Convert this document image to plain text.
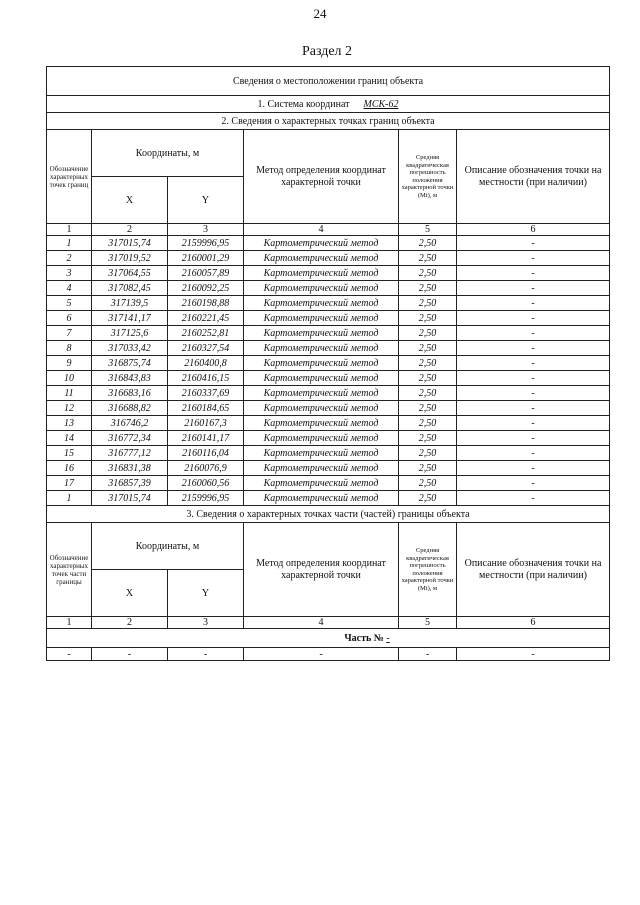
24
Раздел 2
Сведения о местоположении границ объекта					
1. Система координат МСК-62					
2. Сведения о характерных точках границ объекта					
Обозначение характерных точек границ	Координаты, м		Метод определения координат характерной точки	Средняя квадратическая погрешность положения характерной точки (Mt), м	Описание обозначения точки на местности (при наличии)
	X	Y			
1	2	3	4	5	6
1	317015,74	2159996,95	Картометрический метод	2,50	-
2	317019,52	2160001,29	Картометрический метод	2,50	-
3	317064,55	2160057,89	Картометрический метод	2,50	-
4	317082,45	2160092,25	Картометрический метод	2,50	-
5	317139,5	2160198,88	Картометрический метод	2,50	-
6	317141,17	2160221,45	Картометрический метод	2,50	-
7	317125,6	2160252,81	Картометрический метод	2,50	-
8	317033,42	2160327,54	Картометрический метод	2,50	-
9	316875,74	2160400,8	Картометрический метод	2,50	-
10	316843,83	2160416,15	Картометрический метод	2,50	-
11	316683,16	2160337,69	Картометрический метод	2,50	-
12	316688,82	2160184,65	Картометрический метод	2,50	-
13	316746,2	2160167,3	Картометрический метод	2,50	-
14	316772,34	2160141,17	Картометрический метод	2,50	-
15	316777,12	2160116,04	Картометрический метод	2,50	-
16	316831,38	2160076,9	Картометрический метод	2,50	-
17	316857,39	2160060,56	Картометрический метод	2,50	-
1	317015,74	2159996,95	Картометрический метод	2,50	-
3. Сведения о характерных точках части (частей) границы объекта					
Обозначение характерных точек части границы	Координаты, м		Метод определения координат характерной точки	Средняя квадратическая погрешность положения характерной точки (Mt), м	Описание обозначения точки на местности (при наличии)
	X	Y			
1	2	3	4	5	6
Часть № -					
-	-	-	-	-	-
